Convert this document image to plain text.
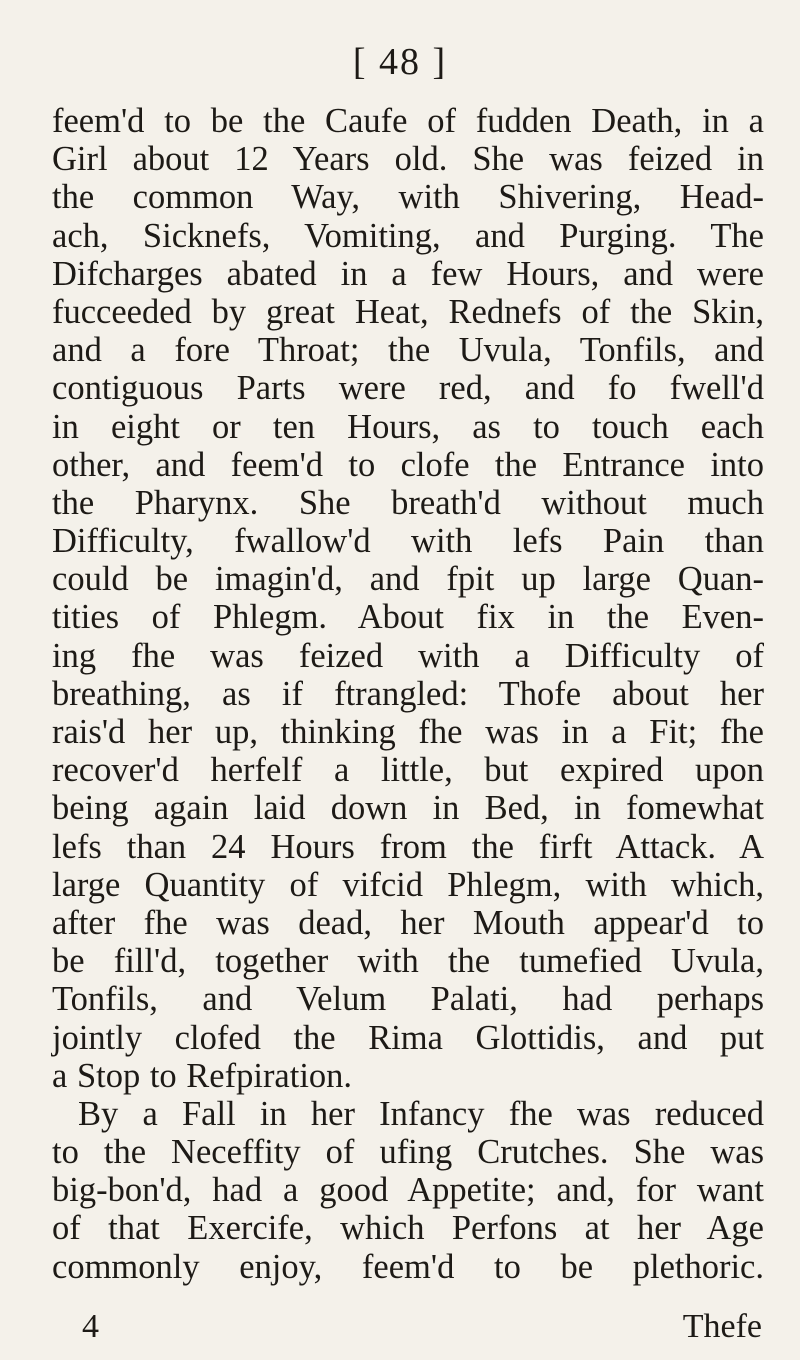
[ 48 ]
feem'd to be the Caufe of fudden Death, in a
Girl about 12 Years old. She was feized in
the common Way, with Shivering, Head-
ach, Sicknefs, Vomiting, and Purging. The
Difcharges abated in a few Hours, and were
fucceeded by great Heat, Rednefs of the Skin,
and a fore Throat; the Uvula, Tonfils, and
contiguous Parts were red, and fo fwell'd
in eight or ten Hours, as to touch each
other, and feem'd to clofe the Entrance into
the Pharynx. She breath'd without much
Difficulty, fwallow'd with lefs Pain than
could be imagin'd, and fpit up large Quan-
tities of Phlegm. About fix in the Even-
ing fhe was feized with a Difficulty of
breathing, as if ftrangled: Thofe about her
rais'd her up, thinking fhe was in a Fit; fhe
recover'd herfelf a little, but expired upon
being again laid down in Bed, in fomewhat
lefs than 24 Hours from the firft Attack. A
large Quantity of vifcid Phlegm, with which,
after fhe was dead, her Mouth appear'd to
be fill'd, together with the tumefied Uvula,
Tonfils, and Velum Palati, had perhaps
jointly clofed the Rima Glottidis, and put
a Stop to Refpiration.
By a Fall in her Infancy fhe was reduced
to the Neceffity of ufing Crutches. She was
big-bon'd, had a good Appetite; and, for want
of that Exercife, which Perfons at her Age
commonly enjoy, feem'd to be plethoric.
4	Thefe
